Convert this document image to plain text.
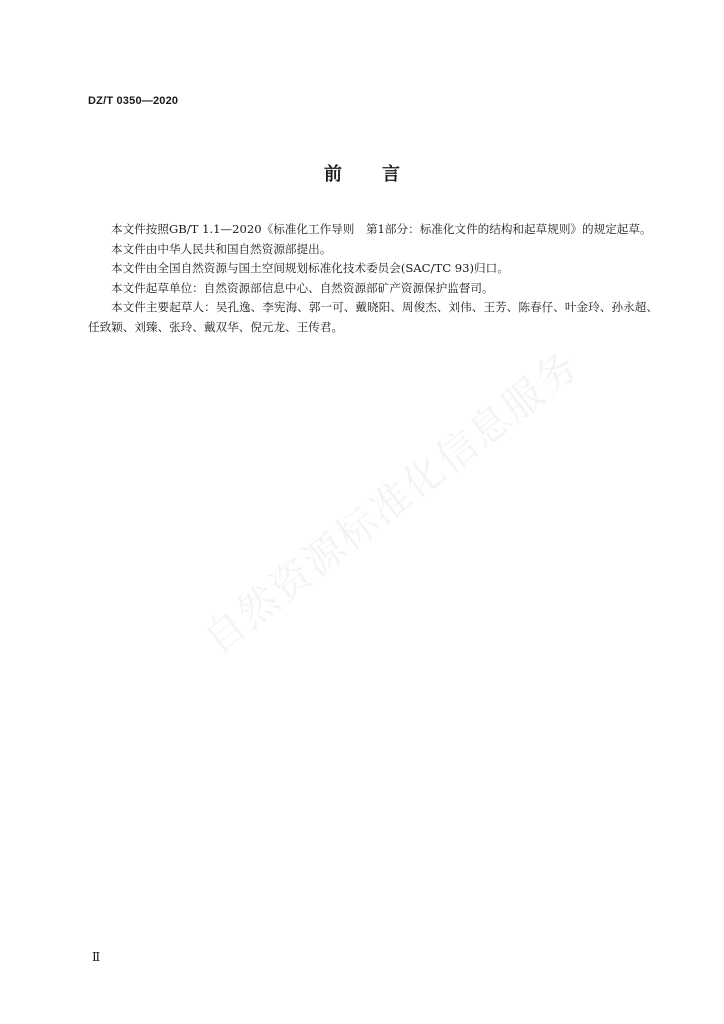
DZ/T 0350—2020
前 言

本文件按照GB/T 1.1—2020《标准化工作导则　第1部分：标准化文件的结构和起草规则》的规定起草。

本文件由中华人民共和国自然资源部提出。

本文件由全国自然资源与国土空间规划标准化技术委员会(SAC/TC 93)归口。

本文件起草单位：自然资源部信息中心、自然资源部矿产资源保护监督司。

本文件主要起草人：吴孔逸、李宪海、郭一可、戴晓阳、周俊杰、刘伟、王芳、陈春仔、叶金玲、孙永超、任致颖、刘臻、张玲、戴双华、倪元龙、王传君。

Ⅱ
